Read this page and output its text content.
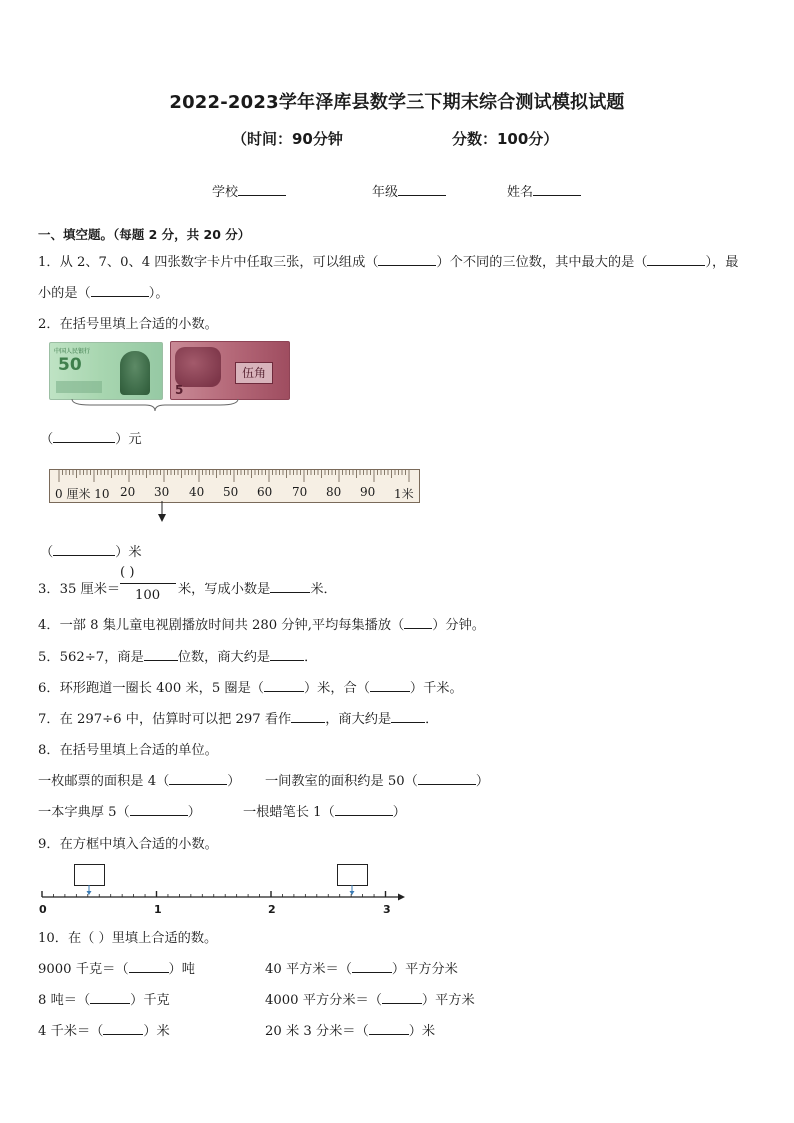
2022-2023学年泽库县数学三下期末综合测试模拟试题
（时间：90分钟	分数：100分）
学校	年级	姓名
一、填空题。（每题 2 分，共 20 分）
1．从 2、7、0、4 四张数字卡片中任取三张，可以组成（	）个不同的三位数，其中最大的是（	），最
小的是（	）。
2．在括号里填上合适的小数。
中国人民银行
50
5
伍角
（	）元
0 厘米 10 20 30 40 50 60 70 80 90 1米
（	）米
3．35 厘米＝
( )
100 米，写成小数是	米．
4．一部 8 集儿童电视剧播放时间共 280 分钟,平均每集播放（ ）分钟。
5．562÷7，商是	位数，商大约是	．
6．环形跑道一圈长 400 米，5 圈是（	）米，合（	）千米。
7．在 297÷6 中，估算时可以把 297 看作	，商大约是	．
8．在括号里填上合适的单位。
一枚邮票的面积是 4（	） 一间教室的面积约是 50（	）
一本字典厚 5（	）	一根蜡笔长 1（	）
9．在方框中填入合适的小数。
0	1	2	3
10．在（ ）里填上合适的数。
9000 千克＝（	）吨	40 平方米＝（	）平方分米
8 吨＝（	）千克	4000 平方分米＝（	）平方米
4 千米＝（	）米	20 米 3 分米＝（	）米
